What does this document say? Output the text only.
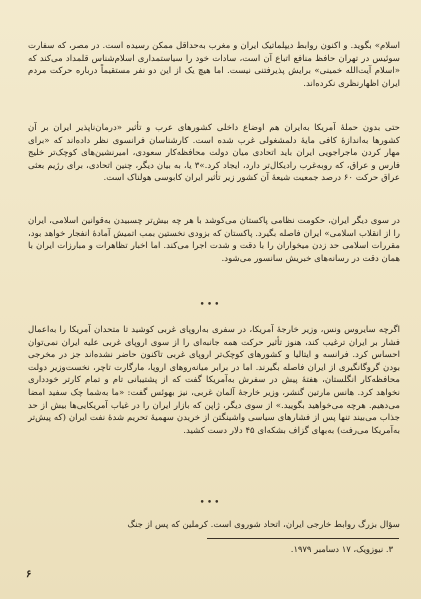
اسلام» بگوید. و اکنون روابط دیپلماتیک ایران و مغرب به‌حداقل ممکن رسیده است. در مصر، که سفارت سوئیس در تهران حافظ منافع اتباع آن است، سادات خود را سیاستمداری اسلام‌شناس قلمداد می‌کند که «اسلام آیت‌الله خمینی» برایش پذیرفتنی نیست. اما هیچ یک از این دو نفر مستقیماً درباره حرکت مردم ایران اظهارنظری نکرده‌اند.
حتی بدون حملهٔ آمریکا به‌ایران هم اوضاع داخلی کشورهای عرب و تأثیر «درمان‌ناپذیر ایران بر آن کشورها به‌اندازهٔ کافی مایهٔ دلمشغولی غرب شده است. کارشناسان فرانسوی نظر داده‌اند که «برای مهار کردن ماجراجویی ایران باید اتحادی میان دولت محافظه‌کار سعودی، امیرنشین‌های کوچک‌تر خلیج فارس و عراق، که روبه‌غرب رادیکال‌تر دارد، ایجاد کرد.»۳ یا، به بیان دیگر، چنین اتحادی، برای رژیم بعثی عراق حرکت ۶۰ درصد جمعیت شیعهٔ آن کشور زیر تأثیر ایران کابوسی هولناک است.
در سوی دیگر ایران، حکومت نظامی پاکستان می‌کوشد با هر چه بیش‌تر چسبیدن به‌قوانین اسلامی، ایران را از انقلاب اسلامی» ایران فاصله بگیرد. پاکستان که بزودی نخستین بمب اتمیش آمادهٔ انفجار خواهد بود، مقررات اسلامی حد زدن میخواران را با دقت و شدت اجرا می‌کند. اما اخبار تظاهرات و مبارزات ایران با همان دقت در رسانه‌های خبریش سانسور می‌شود.
•••
اگرچه سایروس ونس، وزیر خارجهٔ آمریکا، در سفری به‌اروپای غربی کوشید تا متحدان آمریکا را به‌اعمال فشار بر ایران ترغیب کند، هنوز تأثیر حرکت همه جانبه‌ای را از سوی اروپای غربی علیه ایران نمی‌توان احساس کرد. فرانسه و ایتالیا و کشورهای کوچک‌تر اروپای غربی تاکنون حاضر نشده‌اند جز در مخرجی بودن گروگانگیری از ایران فاصله بگیرند. اما در برابر میانه‌روهای اروپا، مارگارت تاچر، نخست‌وزیر دولت محافظه‌کار انگلستان، هفتهٔ پیش در سفرش به‌آمریکا گفت که از پشتیبانی تام و تمام کارتر خودداری نخواهد کرد. هانس مارتین گنشر، وزیر خارجهٔ آلمان غربی، نیز بهوئس گفت: «ما به‌شما چک سفید امضا می‌دهیم. هرچه می‌خواهید بگویید.» از سوی دیگر، ژاپن که بازار ایران را در غیاب آمریکایی‌ها بیش از حد جذاب می‌بیند تنها پس از فشارهای سیاسی واشینگتن از خریدن سهمیهٔ تحریم شدهٔ نفت ایران (که پیش‌تر به‌آمریکا می‌رفت) به‌بهای گزاف بشکه‌ای ۴۵ دلار دست کشید.
•••
سؤال بزرگ روابط خارجی ایران، اتحاد شوروی است. کرملین که پس از جنگ
۳. نیوزویک، ۱۷ دسامبر ۱۹۷۹.
۶
